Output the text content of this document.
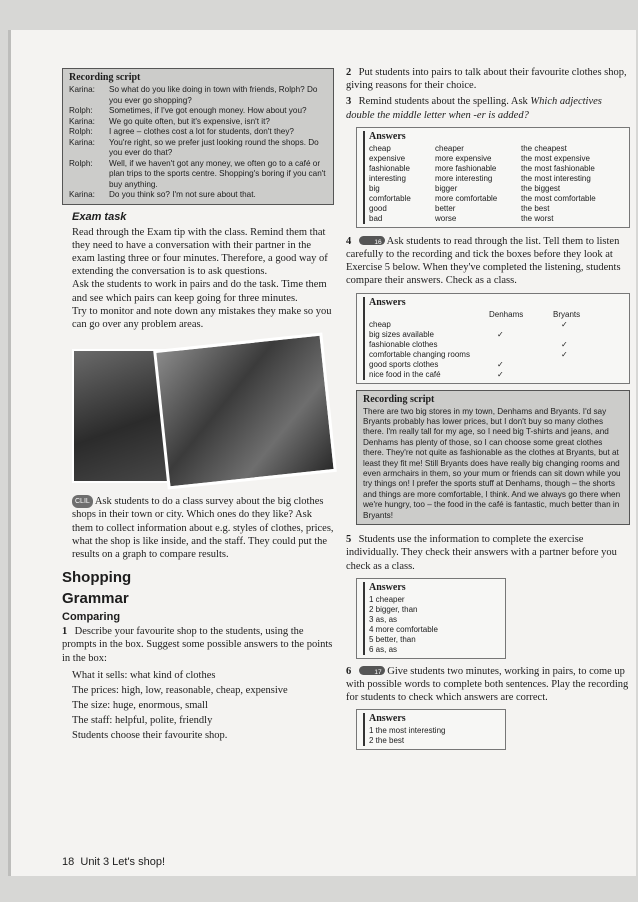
Recording script
Karina:	So what do you like doing in town with friends, Rolph? Do you ever go shopping?
Rolph:	Sometimes, if I've got enough money. How about you?
Karina:	We go quite often, but it's expensive, isn't it?
Rolph:	I agree – clothes cost a lot for students, don't they?
Karina:	You're right, so we prefer just looking round the shops. Do you ever do that?
Rolph:	Well, if we haven't got any money, we often go to a café or plan trips to the sports centre. Shopping's boring if you can't buy anything.
Karina:	Do you think so? I'm not sure about that.
Exam task

Read through the Exam tip with the class. Remind them that they need to have a conversation with their partner in the exam lasting three or four minutes. Therefore, a good way of extending the conversation is to ask questions.

Ask the students to work in pairs and do the task. Time them and see which pairs can keep going for three minutes.

Try to monitor and note down any mistakes they make so you can go over any problem areas.

CLIL Ask students to do a class survey about the big clothes shops in their town or city. Which ones do they like? Ask them to collect information about e.g. styles of clothes, prices, what the shop is like inside, and the staff. They could put the results on a graph to compare results.

Shopping
Grammar
Comparing

1 Describe your favourite shop to the students, using the prompts in the box. Suggest some possible answers to the points in the box:

What it sells: what kind of clothes
The prices: high, low, reasonable, cheap, expensive
The size: huge, enormous, small
The staff: helpful, polite, friendly
Students choose their favourite shop.
18 Unit 3 Let's shop!

2 Put students into pairs to talk about their favourite clothes shop, giving reasons for their choice.

3 Remind students about the spelling. Ask Which adjectives double the middle letter when -er is added?

Answers
cheap	cheaper	the cheapest
expensive	more expensive	the most expensive
fashionable	more fashionable	the most fashionable
interesting	more interesting	the most interesting
big	bigger	the biggest
comfortable	more comfortable	the most comfortable
good	better	the best
bad	worse	the worst

4	16 Ask students to read through the list. Tell them to listen carefully to the recording and tick the boxes before they look at Exercise 5 below. When they've completed the listening, students compare their answers. Check as a class.

Answers
	Denhams	Bryants
cheap		✓
big sizes available	✓	
fashionable clothes		✓
comfortable changing rooms		✓
good sports clothes	✓	
nice food in the café	✓	
Recording script

There are two big stores in my town, Denhams and Bryants. I'd say Bryants probably has lower prices, but I don't buy so many clothes there. I'm really tall for my age, so I need big T-shirts and jeans, and Denhams has plenty of those, so I can choose some great clothes there. They're not quite as fashionable as the clothes at Bryants, but at least they fit me! Still Bryants does have really big changing rooms and even armchairs in them, so your mum or friends can sit down while you try things on! I prefer the sports stuff at Denhams, though – the shorts and things are more comfortable, I think. And we always go there when we're hungry, too – the food in the café is fantastic, much better than in Bryants!

5 Students use the information to complete the exercise individually. They check their answers with a partner before you check as a class.

Answers
1 cheaper
2 bigger, than
3 as, as
4 more comfortable
5 better, than
6 as, as

6	17 Give students two minutes, working in pairs, to come up with possible words to complete both sentences. Play the recording for students to check which answers are correct.

Answers
1 the most interesting
2 the best
